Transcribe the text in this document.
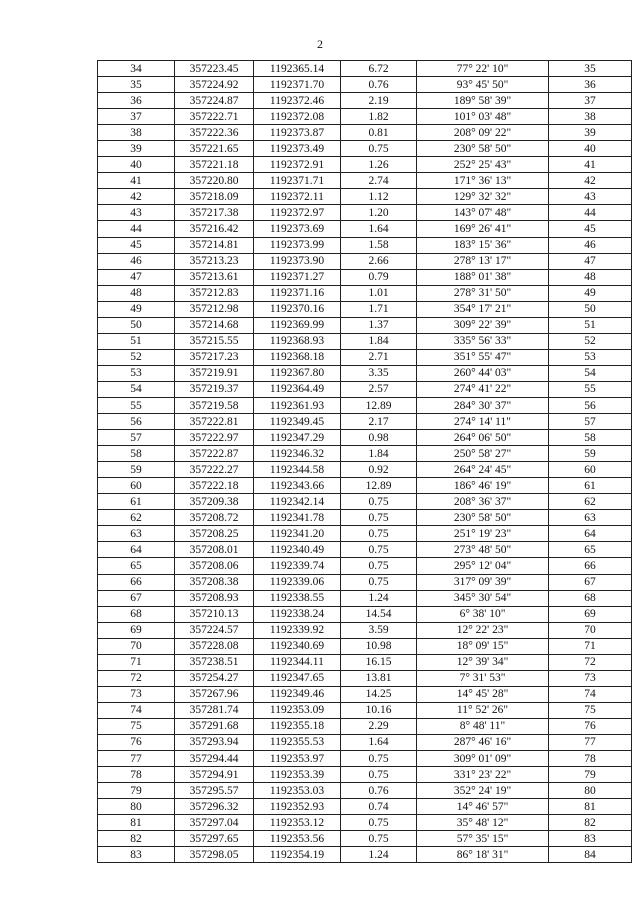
2
34	357223.45	1192365.14	6.72	77° 22' 10"	35
35	357224.92	1192371.70	0.76	93° 45' 50"	36
36	357224.87	1192372.46	2.19	189° 58' 39"	37
37	357222.71	1192372.08	1.82	101° 03' 48"	38
38	357222.36	1192373.87	0.81	208° 09' 22"	39
39	357221.65	1192373.49	0.75	230° 58' 50"	40
40	357221.18	1192372.91	1.26	252° 25' 43"	41
41	357220.80	1192371.71	2.74	171° 36' 13"	42
42	357218.09	1192372.11	1.12	129° 32' 32"	43
43	357217.38	1192372.97	1.20	143° 07' 48"	44
44	357216.42	1192373.69	1.64	169° 26' 41"	45
45	357214.81	1192373.99	1.58	183° 15' 36"	46
46	357213.23	1192373.90	2.66	278° 13' 17"	47
47	357213.61	1192371.27	0.79	188° 01' 38"	48
48	357212.83	1192371.16	1.01	278° 31' 50"	49
49	357212.98	1192370.16	1.71	354° 17' 21"	50
50	357214.68	1192369.99	1.37	309° 22' 39"	51
51	357215.55	1192368.93	1.84	335° 56' 33"	52
52	357217.23	1192368.18	2.71	351° 55' 47"	53
53	357219.91	1192367.80	3.35	260° 44' 03"	54
54	357219.37	1192364.49	2.57	274° 41' 22"	55
55	357219.58	1192361.93	12.89	284° 30' 37"	56
56	357222.81	1192349.45	2.17	274° 14' 11"	57
57	357222.97	1192347.29	0.98	264° 06' 50"	58
58	357222.87	1192346.32	1.84	250° 58' 27"	59
59	357222.27	1192344.58	0.92	264° 24' 45"	60
60	357222.18	1192343.66	12.89	186° 46' 19"	61
61	357209.38	1192342.14	0.75	208° 36' 37"	62
62	357208.72	1192341.78	0.75	230° 58' 50"	63
63	357208.25	1192341.20	0.75	251° 19' 23"	64
64	357208.01	1192340.49	0.75	273° 48' 50"	65
65	357208.06	1192339.74	0.75	295° 12' 04"	66
66	357208.38	1192339.06	0.75	317° 09' 39"	67
67	357208.93	1192338.55	1.24	345° 30' 54"	68
68	357210.13	1192338.24	14.54	6° 38' 10"	69
69	357224.57	1192339.92	3.59	12° 22' 23"	70
70	357228.08	1192340.69	10.98	18° 09' 15"	71
71	357238.51	1192344.11	16.15	12° 39' 34"	72
72	357254.27	1192347.65	13.81	7° 31' 53"	73
73	357267.96	1192349.46	14.25	14° 45' 28"	74
74	357281.74	1192353.09	10.16	11° 52' 26"	75
75	357291.68	1192355.18	2.29	8° 48' 11"	76
76	357293.94	1192355.53	1.64	287° 46' 16"	77
77	357294.44	1192353.97	0.75	309° 01' 09"	78
78	357294.91	1192353.39	0.75	331° 23' 22"	79
79	357295.57	1192353.03	0.76	352° 24' 19"	80
80	357296.32	1192352.93	0.74	14° 46' 57"	81
81	357297.04	1192353.12	0.75	35° 48' 12"	82
82	357297.65	1192353.56	0.75	57° 35' 15"	83
83	357298.05	1192354.19	1.24	86° 18' 31"	84
